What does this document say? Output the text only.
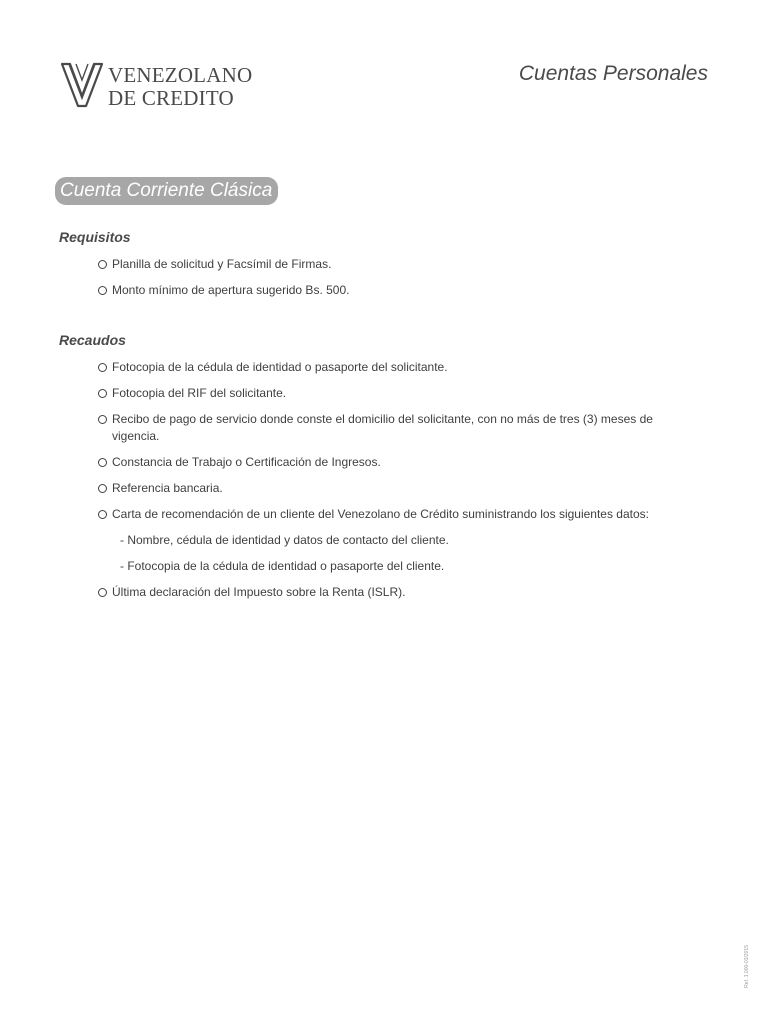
VENEZOLANO
DE CREDITO
Cuentas Personales
Cuenta Corriente Clásica
Requisitos
Planilla de solicitud y Facsímil de Firmas.
Monto mínimo de apertura sugerido Bs. 500.
Recaudos
Fotocopia de la cédula de identidad o pasaporte del solicitante.
Fotocopia del RIF del solicitante.
Recibo de pago de servicio donde conste el domicilio del solicitante, con no más de tres (3) meses de vigencia.
Constancia de Trabajo o Certificación de Ingresos.
Referencia bancaria.
Carta de recomendación de un cliente del Venezolano de Crédito suministrando los siguientes datos:
- Nombre, cédula de identidad y datos de contacto del cliente.
- Fotocopia de la cédula de identidad o pasaporte del cliente.
Última declaración del Impuesto sobre la Renta (ISLR).
Ref. 1.000-03/2015
